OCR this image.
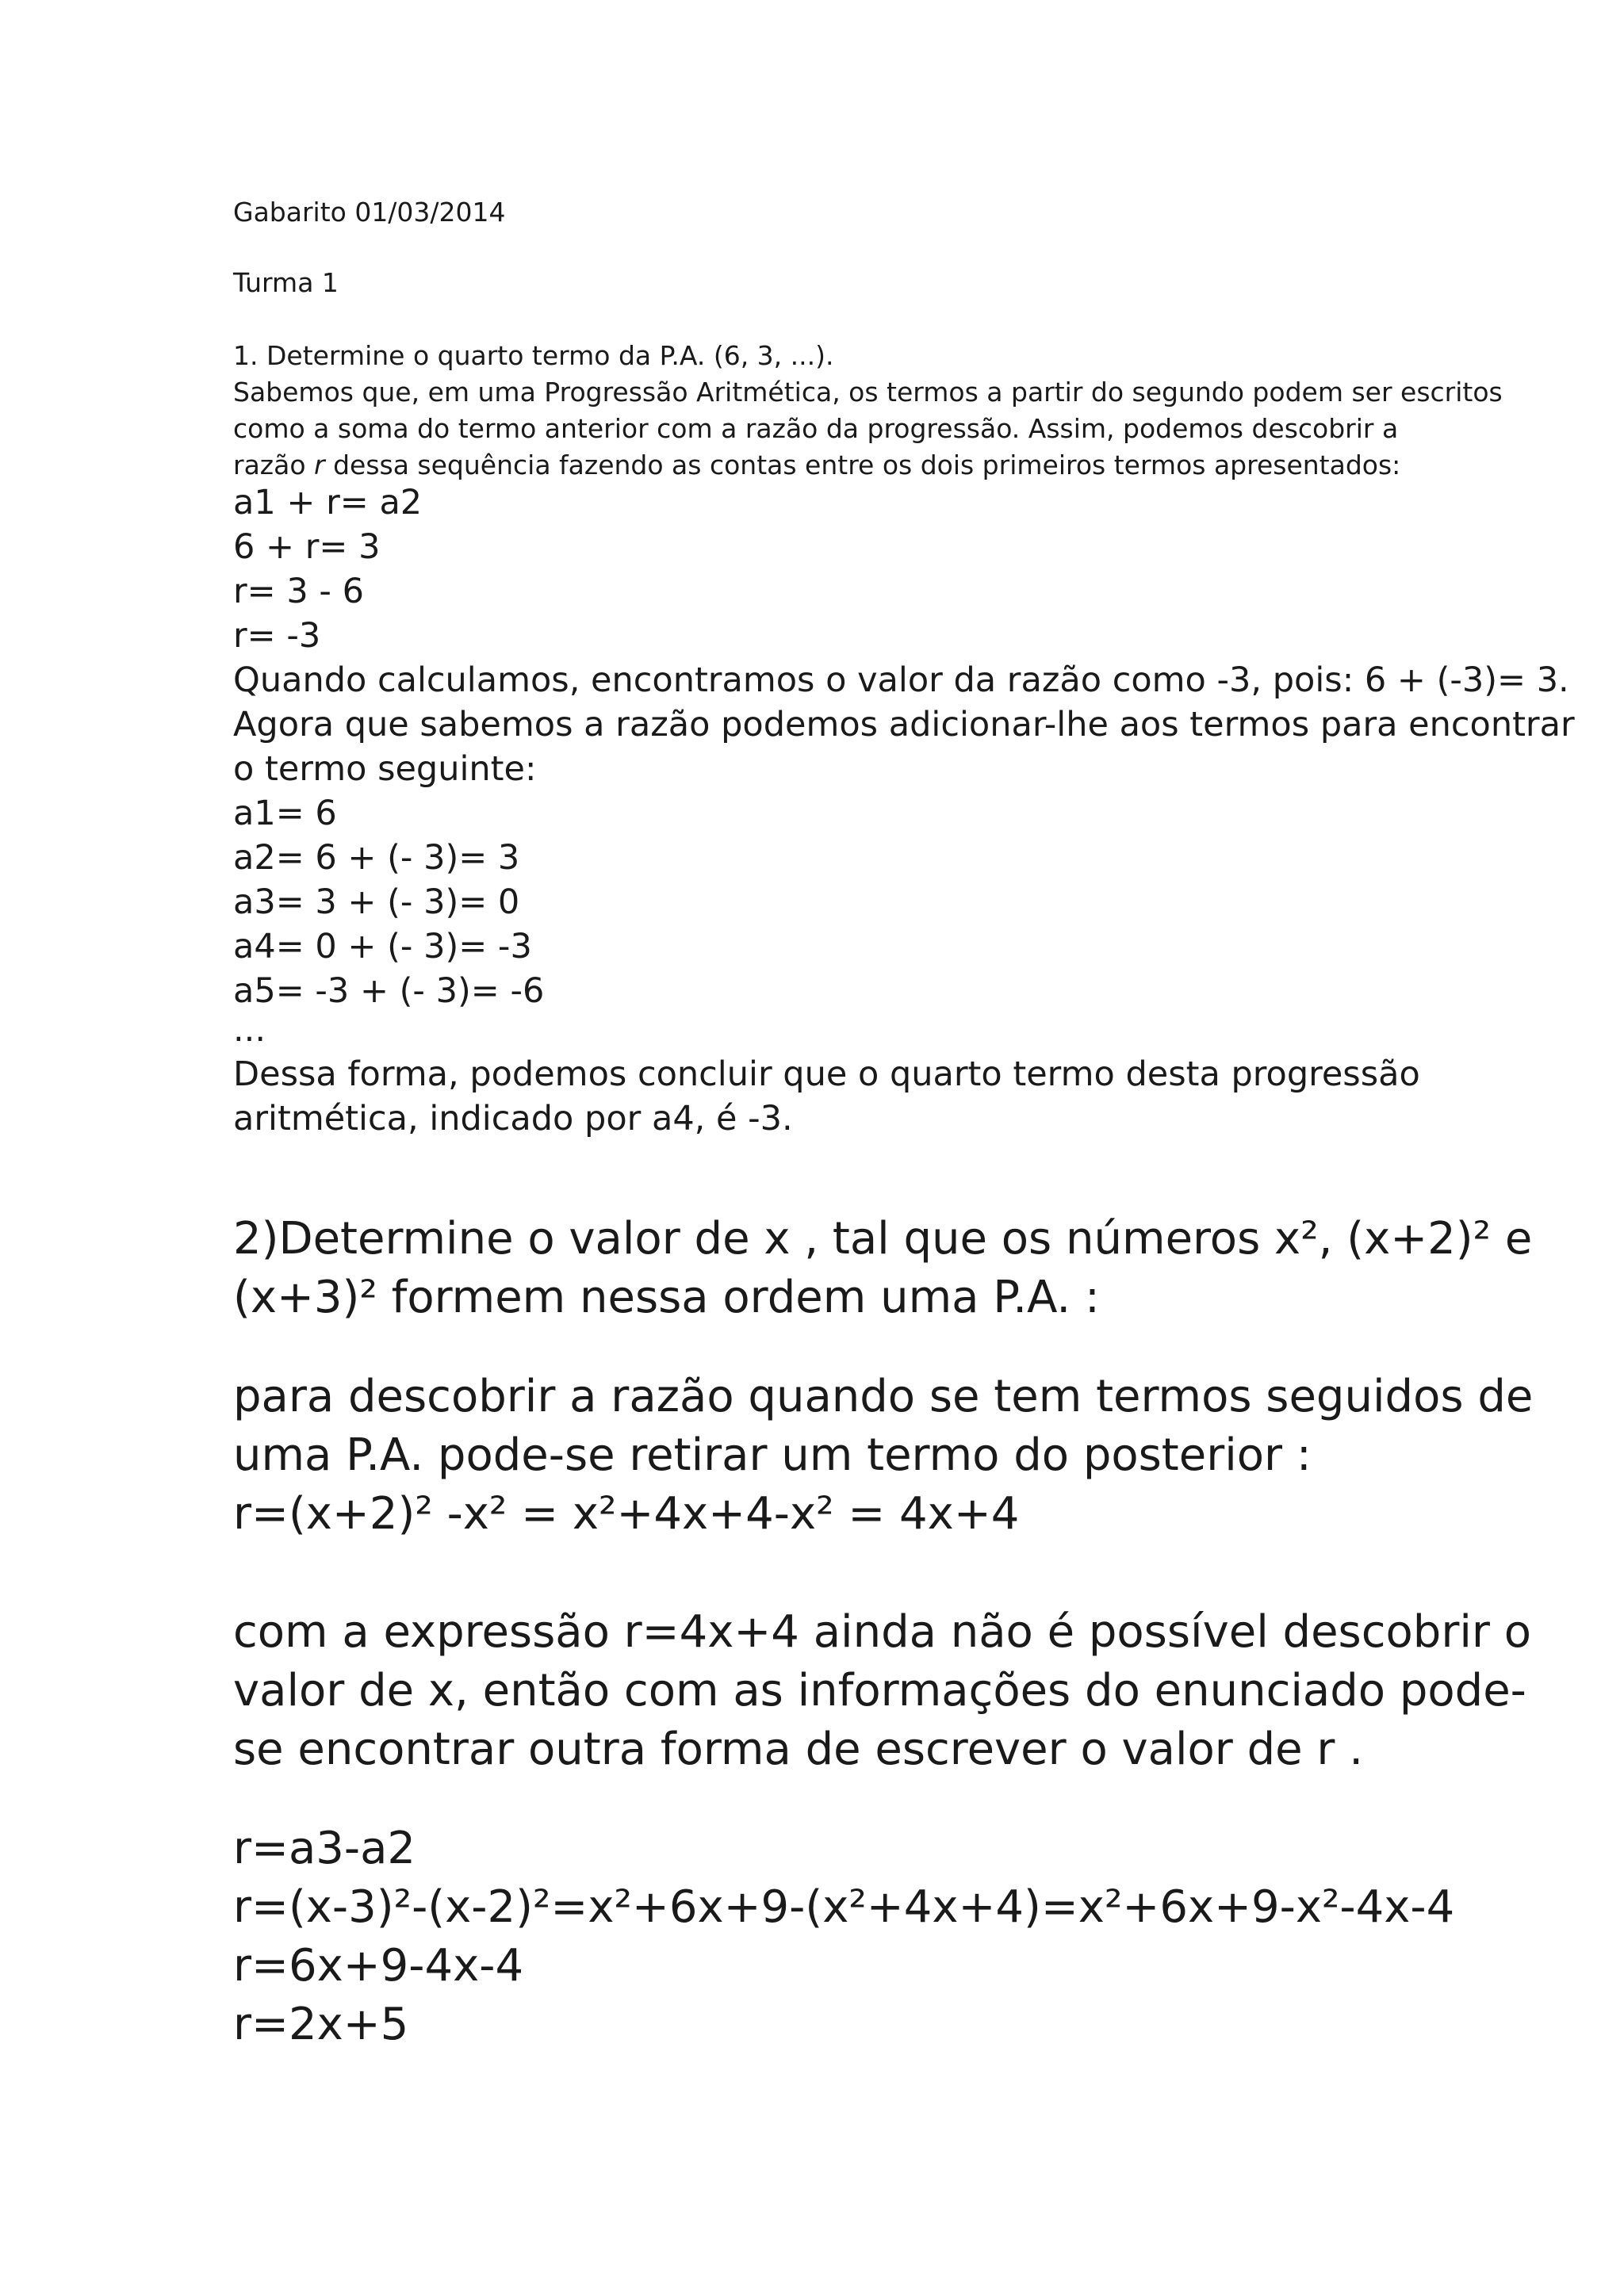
Gabarito 01/03/2014
Turma 1
1. Determine o quarto termo da P.A. (6, 3, ...).
Sabemos que, em uma Progressão Aritmética, os termos a partir do segundo podem ser escritos
como a soma do termo anterior com a razão da progressão. Assim, podemos descobrir a
razão r dessa sequência fazendo as contas entre os dois primeiros termos apresentados:
a1 + r= a2
6 + r= 3
r= 3 - 6
r= -3
Quando calculamos, encontramos o valor da razão como -3, pois: 6 + (-3)= 3.
Agora que sabemos a razão podemos adicionar-lhe aos termos para encontrar
o termo seguinte:
a1= 6
a2= 6 + (- 3)= 3
a3= 3 + (- 3)= 0
a4= 0 + (- 3)= -3
a5= -3 + (- 3)= -6
...
Dessa forma, podemos concluir que o quarto termo desta progressão
aritmética, indicado por a4, é -3.
2)Determine o valor de x , tal que os números x², (x+2)² e
(x+3)² formem nessa ordem uma P.A. :
para descobrir a razão quando se tem termos seguidos de
uma P.A. pode-se retirar um termo do posterior :
r=(x+2)² -x² = x²+4x+4-x² = 4x+4
com a expressão r=4x+4 ainda não é possível descobrir o
valor de x, então com as informações do enunciado pode-
se encontrar outra forma de escrever o valor de r .
r=a3-a2
r=(x-3)²-(x-2)²=x²+6x+9-(x²+4x+4)=x²+6x+9-x²-4x-4
r=6x+9-4x-4
r=2x+5
